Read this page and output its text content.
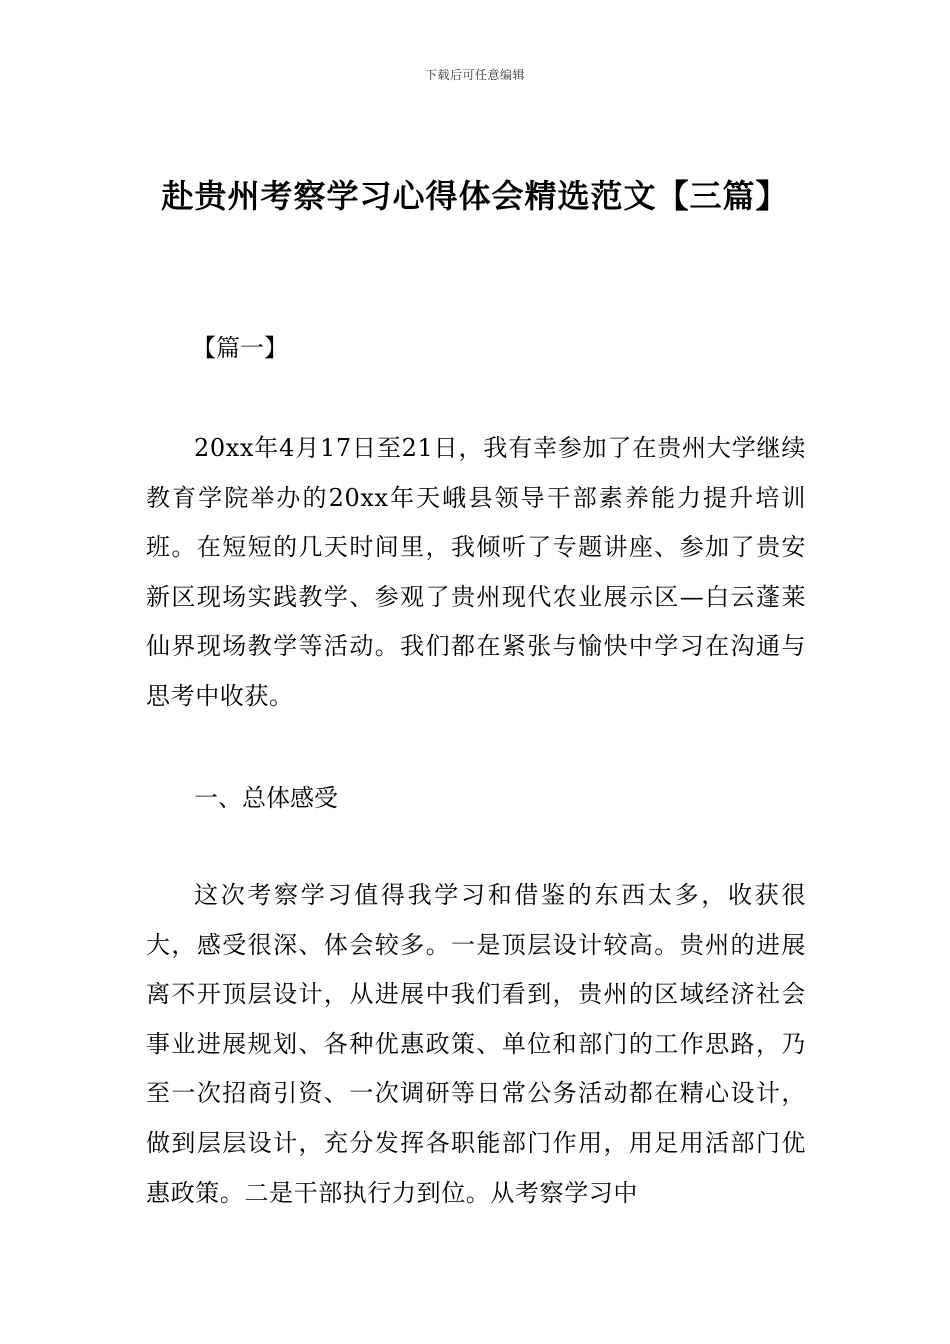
下载后可任意编辑
赴贵州考察学习心得体会精选范文【三篇】
【篇一】

20xx年4月17日至21日，我有幸参加了在贵州大学继续教育学院举办的20xx年天峨县领导干部素养能力提升培训班。在短短的几天时间里，我倾听了专题讲座、参加了贵安新区现场实践教学、参观了贵州现代农业展示区—白云蓬莱仙界现场教学等活动。我们都在紧张与愉快中学习在沟通与思考中收获。

一、总体感受

这次考察学习值得我学习和借鉴的东西太多，收获很大，感受很深、体会较多。一是顶层设计较高。贵州的进展离不开顶层设计，从进展中我们看到，贵州的区域经济社会事业进展规划、各种优惠政策、单位和部门的工作思路，乃至一次招商引资、一次调研等日常公务活动都在精心设计，做到层层设计，充分发挥各职能部门作用，用足用活部门优惠政策。二是干部执行力到位。从考察学习中
